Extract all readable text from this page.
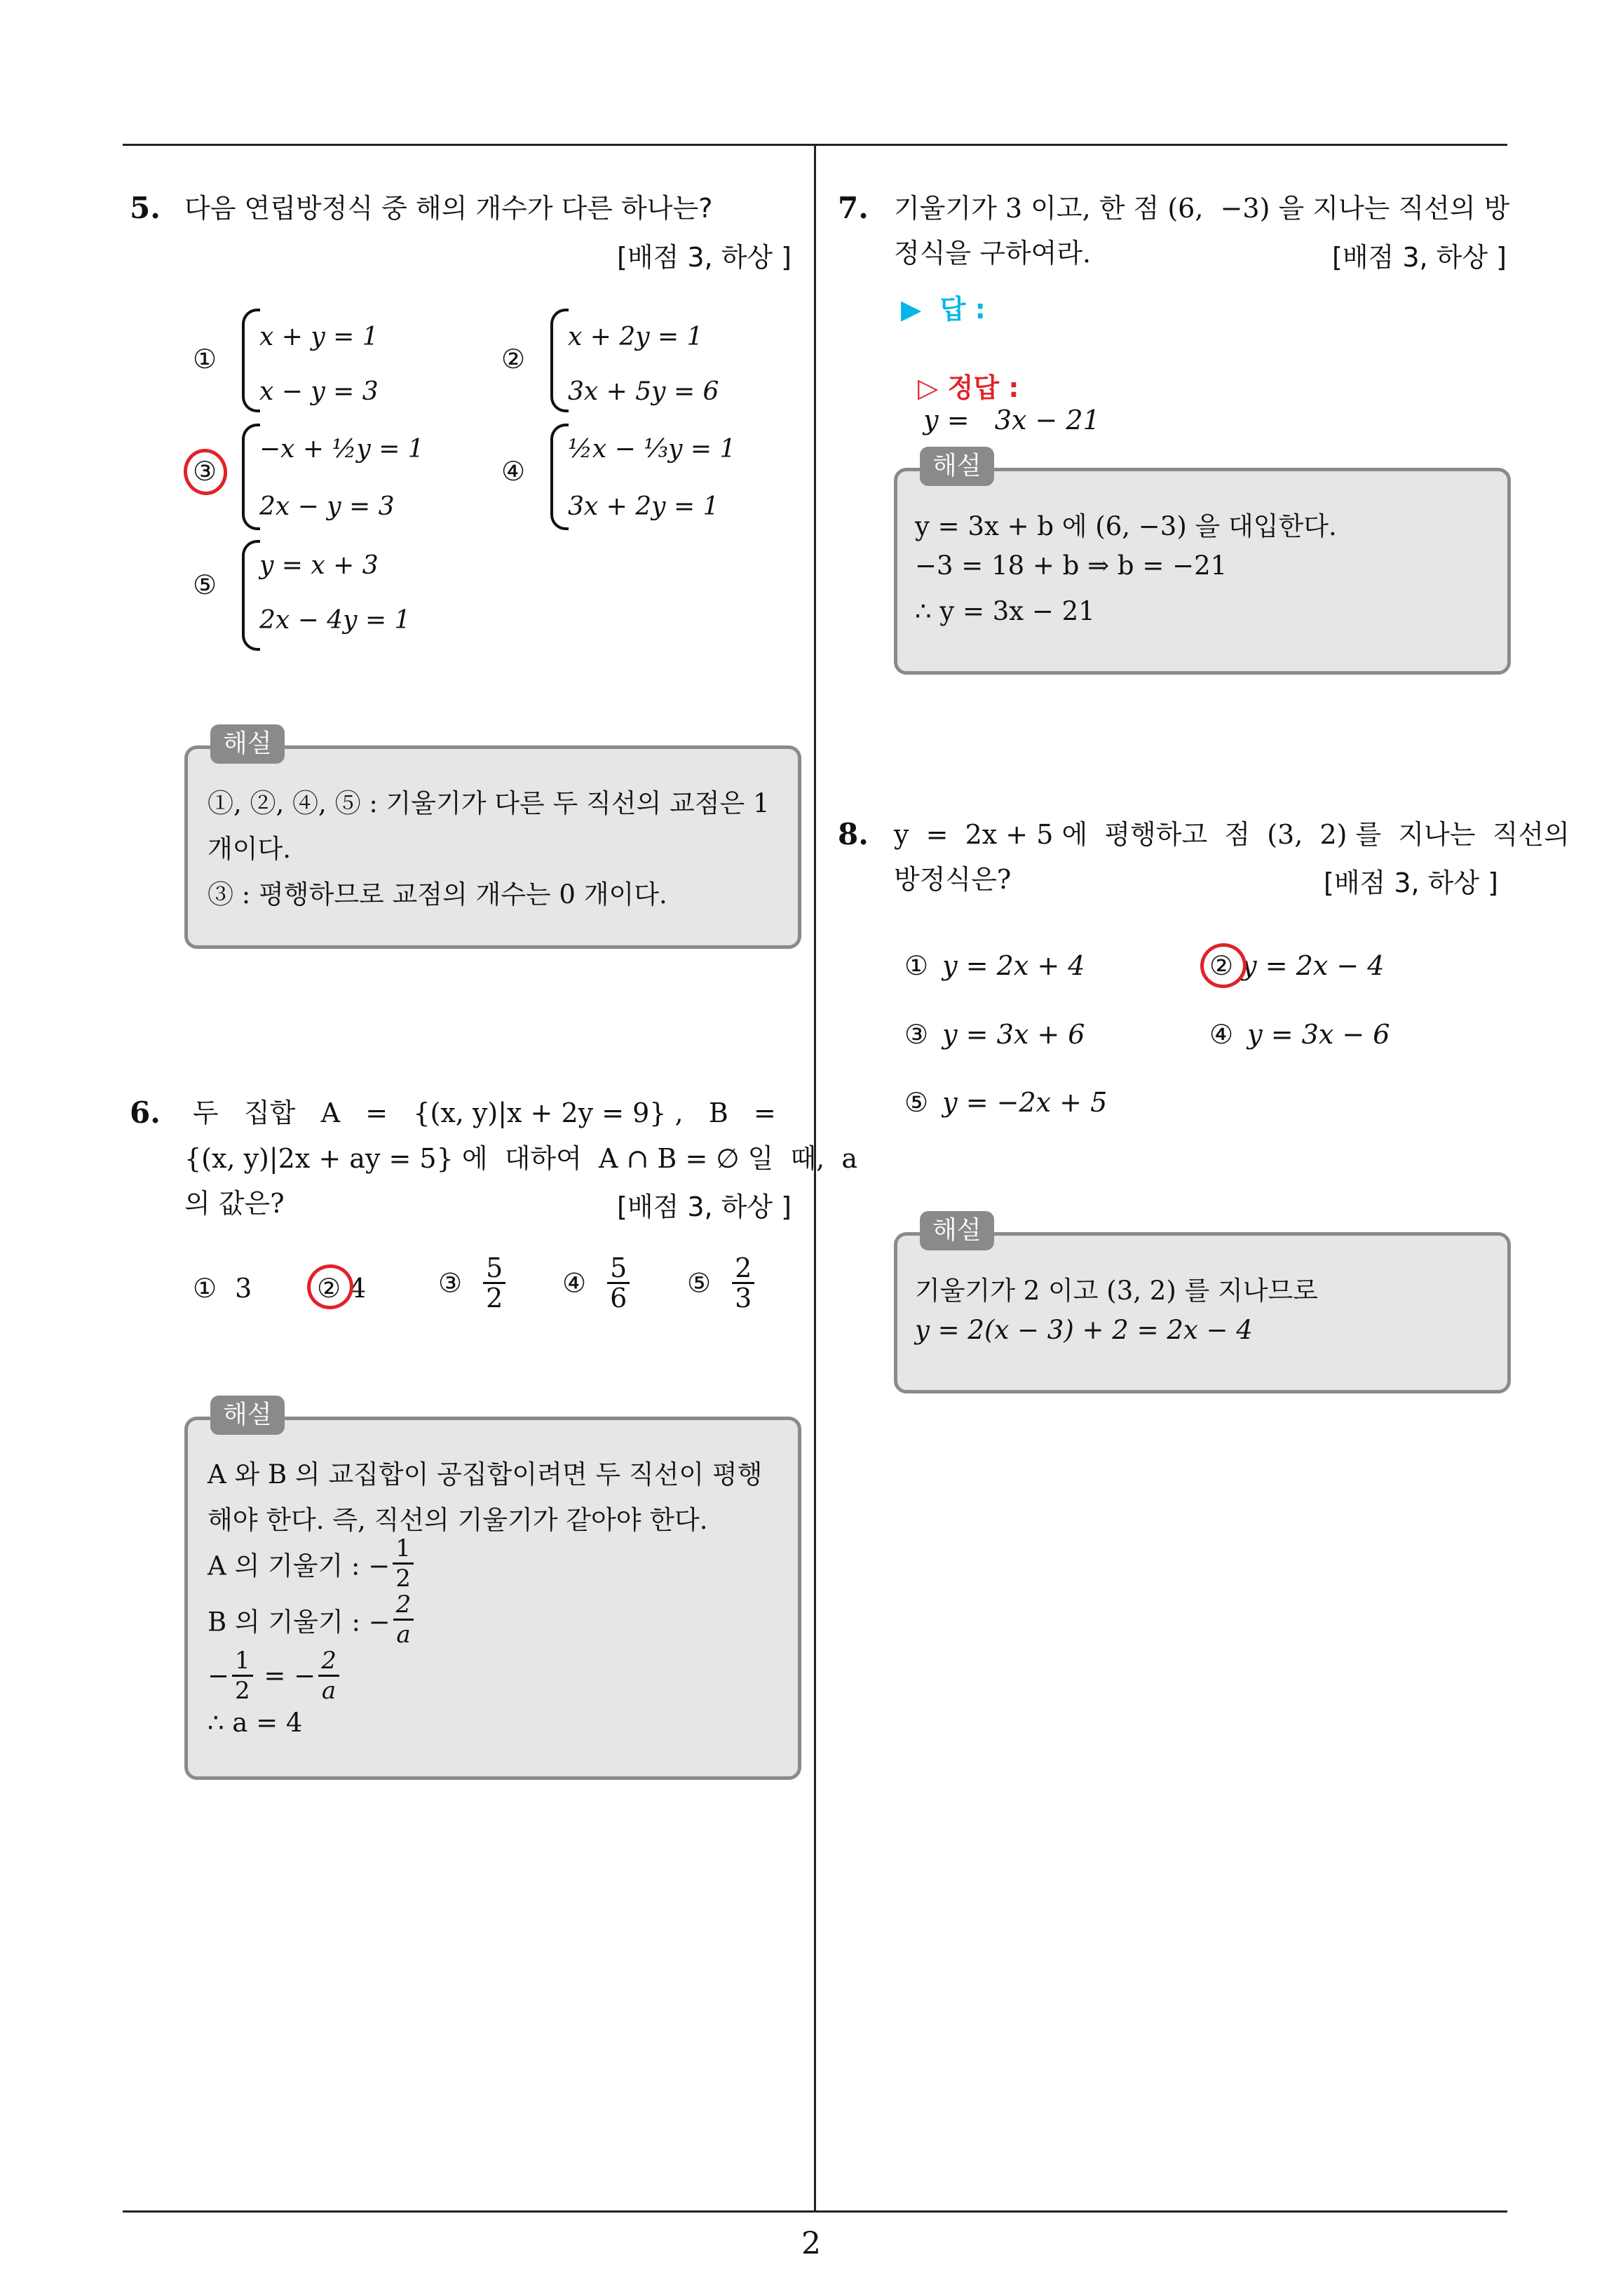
2
5. 다음 연립방정식 중 해의 개수가 다른 하나는?
[배점 3, 하상 ]
①
x + y = 1
x − y = 3
②
x + 2y = 1
3x + 5y = 6
③
−x + ½y = 1
2x − y = 3
④
½x − ⅓y = 1
3x + 2y = 1
⑤
y = x + 3
2x − 4y = 1
해설
①, ②, ④, ⑤ : 기울기가 다른 두 직선의 교점은 1
개이다.
③ : 평행하므로 교점의 개수는 0 개이다.
6. 두   집합   A   =   {(x, y)|x + 2y = 9} ,   B   =
{(x, y)|2x + ay = 5} 에  대하여  A ∩ B = ∅ 일  때,  a
의 값은?	[배점 3, 하상 ]
① 3 ② 4	③ $\frac{5}{2}$ ④ $\frac{5}{6}$ ⑤ $\frac{2}{3}$
해설
A 와 B 의 교집합이 공집합이려면 두 직선이 평행
해야 한다. 즉, 직선의 기울기가 같아야 한다.
A 의 기울기 : − $\frac{1}{2}$
B 의 기울기 : − $\frac{2}{a}$
− $\frac{1}{2}$ = − $\frac{2}{a}$
∴ a = 4
7. 기울기가 3 이고, 한 점 (6,  −3) 을 지나는 직선의 방
정식을 구하여라.	[배점 3, 하상 ]
▶  답 :

▷ 정답 :
y =   3x − 21

해설
y = 3x + b 에 (6, −3) 을 대입한다.
−3 = 18 + b ⇒ b = −21
∴ y = 3x − 21
8. y  =  2x + 5 에  평행하고  점  (3,  2) 를  지나는  직선의
방정식은?	[배점 3, 하상 ]
① y = 2x + 4	② y = 2x − 4
③ y = 3x + 6	④ y = 3x − 6
⑤ y = −2x + 5
해설
기울기가 2 이고 (3, 2) 를 지나므로
y = 2(x − 3) + 2 = 2x − 4
